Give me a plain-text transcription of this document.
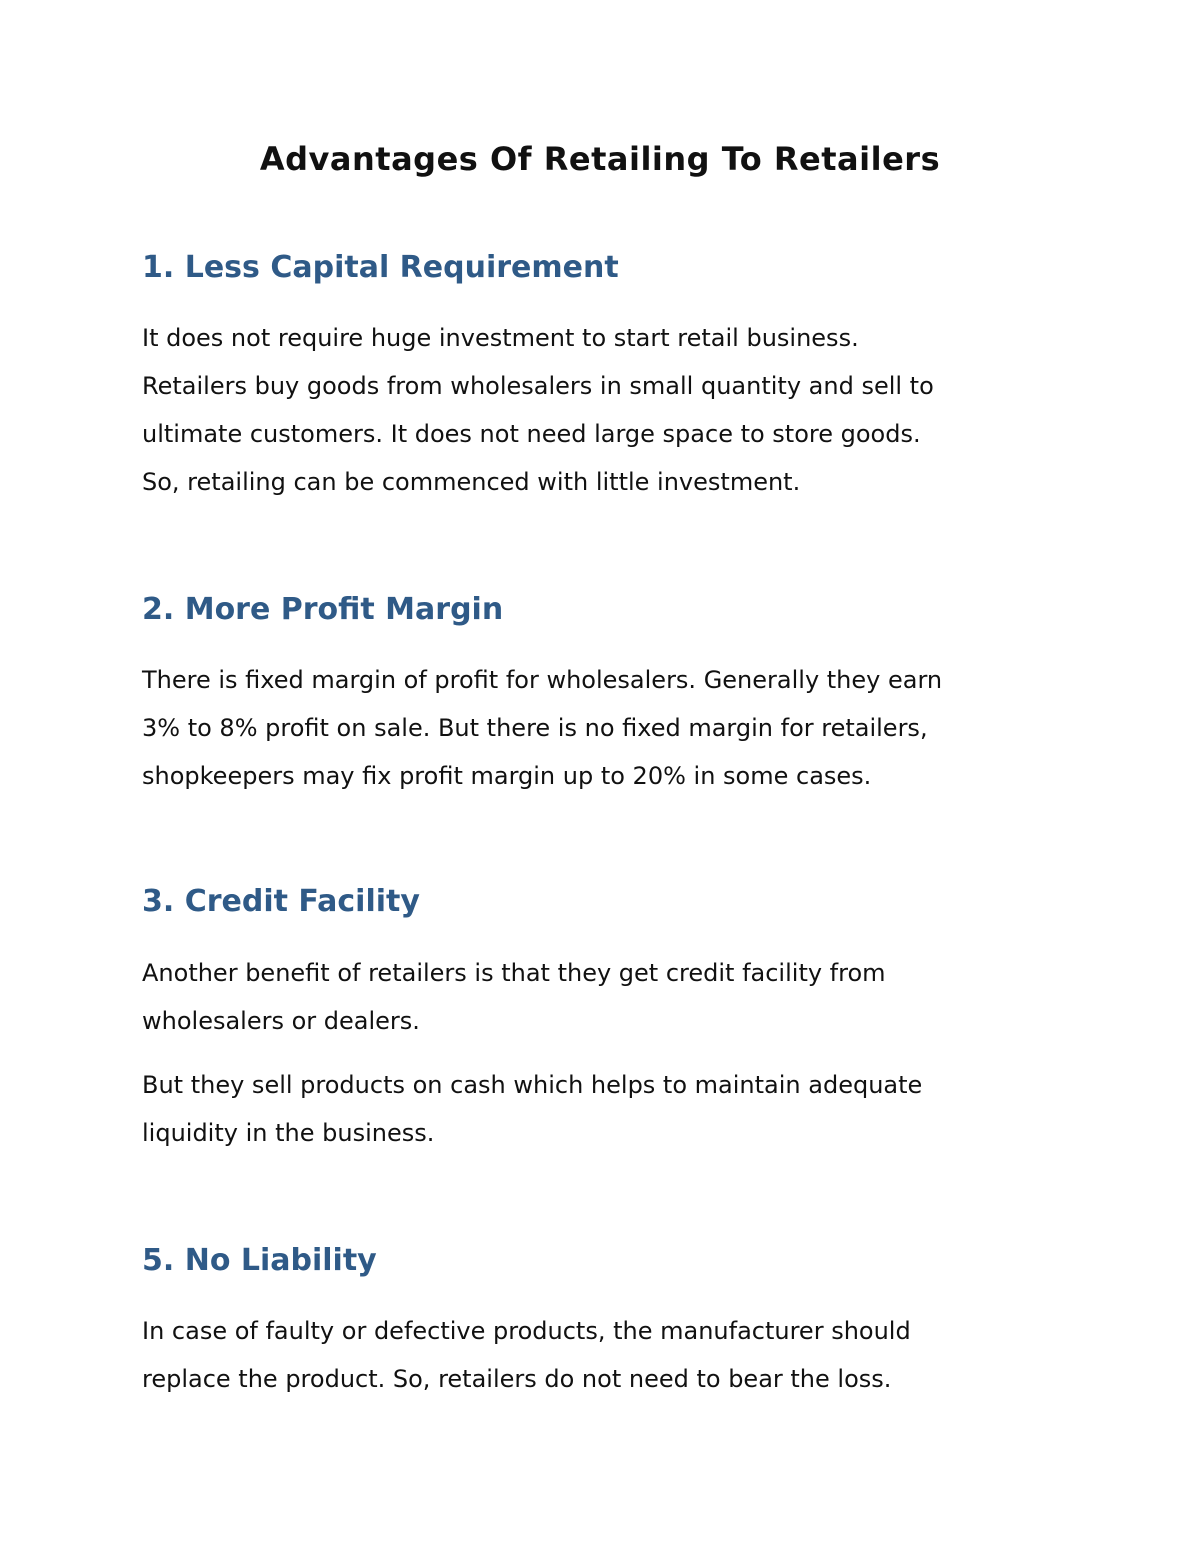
Advantages Of Retailing To Retailers
1. Less Capital Requirement
It does not require huge investment to start retail business.
Retailers buy goods from wholesalers in small quantity and sell to
ultimate customers. It does not need large space to store goods.
So, retailing can be commenced with little investment.
2. More Profit Margin
There is fixed margin of profit for wholesalers. Generally they earn
3% to 8% profit on sale. But there is no fixed margin for retailers,
shopkeepers may fix profit margin up to 20% in some cases.
3. Credit Facility
Another benefit of retailers is that they get credit facility from
wholesalers or dealers.
But they sell products on cash which helps to maintain adequate
liquidity in the business.
5. No Liability
In case of faulty or defective products, the manufacturer should
replace the product. So, retailers do not need to bear the loss.
